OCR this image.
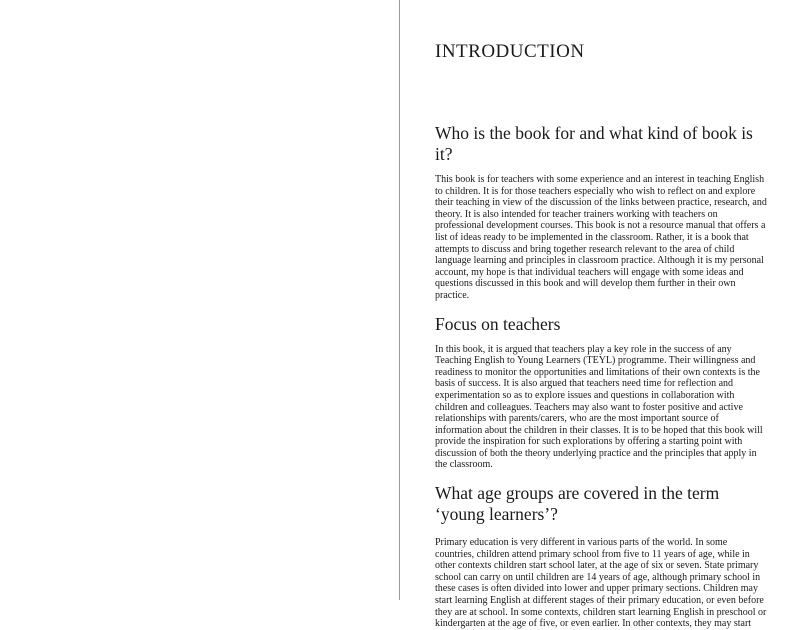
INTRODUCTION
Who is the book for and what kind of book is it?

This book is for teachers with some experience and an interest in teaching English to children. It is for those teachers especially who wish to reflect on and explore their teaching in view of the discussion of the links between practice, research, and theory. It is also intended for teacher trainers working with teachers on professional development courses. This book is not a resource manual that offers a list of ideas ready to be implemented in the classroom. Rather, it is a book that attempts to discuss and bring together research relevant to the area of child language learning and principles in classroom practice. Although it is my personal account, my hope is that individual teachers will engage with some ideas and questions discussed in this book and will develop them further in their own practice.

Focus on teachers

In this book, it is argued that teachers play a key role in the success of any Teaching English to Young Learners (TEYL) programme. Their willingness and readiness to monitor the opportunities and limitations of their own contexts is the basis of success. It is also argued that teachers need time for reflection and experimentation so as to explore issues and questions in collaboration with children and colleagues. Teachers may also want to foster positive and active relationships with parents/carers, who are the most important source of information about the children in their classes. It is to be hoped that this book will provide the inspiration for such explorations by offering a starting point with discussion of both the theory underlying practice and the principles that apply in the classroom.

What age groups are covered in the term ‘young learners’?

Primary education is very different in various parts of the world. In some countries, children attend primary school from five to 11 years of age, while in other contexts children start school later, at the age of six or seven. State primary school can carry on until children are 14 years of age, although primary school in these cases is often divided into lower and upper primary sections. Children may start learning English at different stages of their primary education, or even before they are at school. In some contexts, children start learning English in preschool or kindergarten at the age of five, or even earlier. In other contexts, they may start
